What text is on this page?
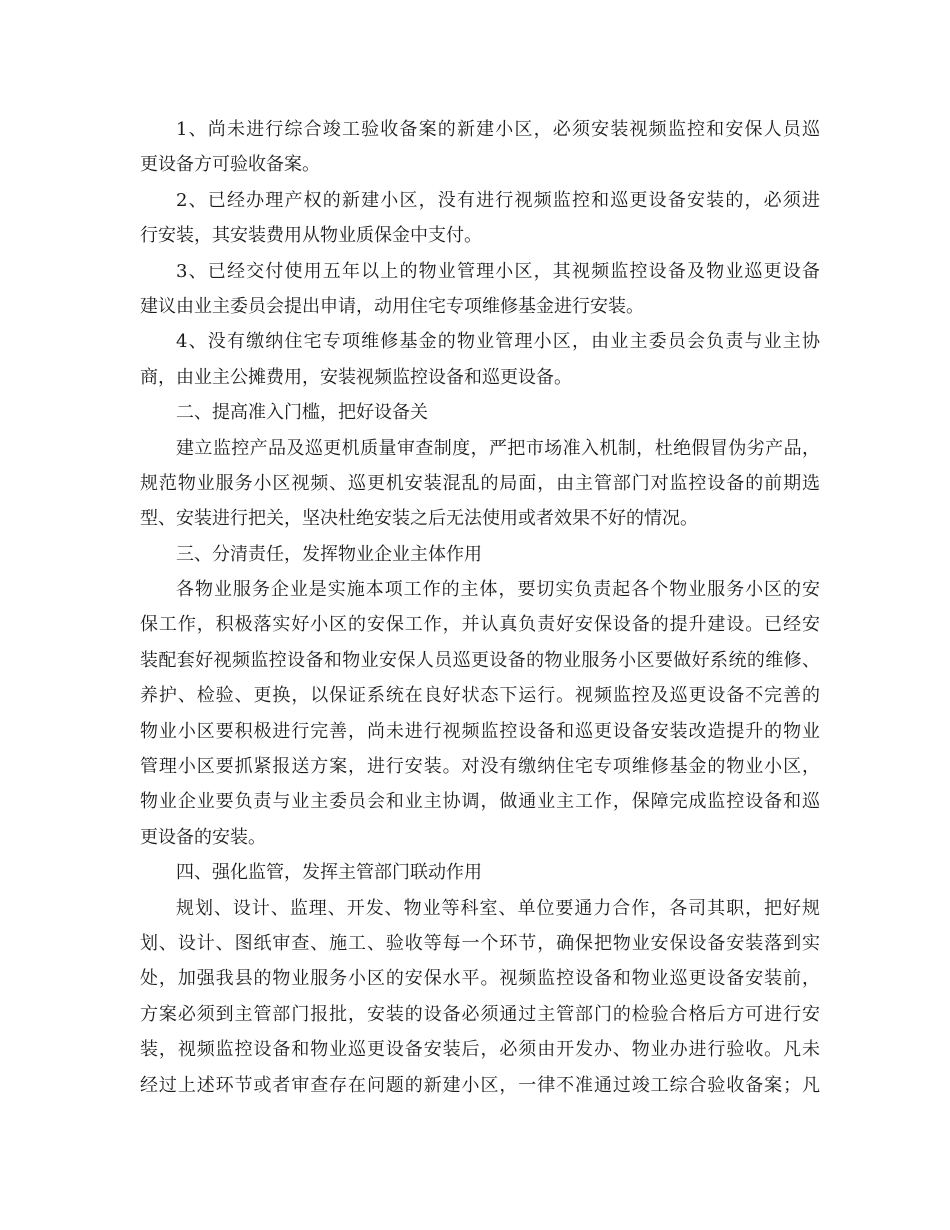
1、尚未进行综合竣工验收备案的新建小区，必须安装视频监控和安保人员巡
更设备方可验收备案。
2、已经办理产权的新建小区，没有进行视频监控和巡更设备安装的，必须进
行安装，其安装费用从物业质保金中支付。
3、已经交付使用五年以上的物业管理小区，其视频监控设备及物业巡更设备
建议由业主委员会提出申请，动用住宅专项维修基金进行安装。
4、没有缴纳住宅专项维修基金的物业管理小区，由业主委员会负责与业主协
商，由业主公摊费用，安装视频监控设备和巡更设备。
二、提高准入门槛，把好设备关
建立监控产品及巡更机质量审查制度，严把市场准入机制，杜绝假冒伪劣产品，
规范物业服务小区视频、巡更机安装混乱的局面，由主管部门对监控设备的前期选
型、安装进行把关，坚决杜绝安装之后无法使用或者效果不好的情况。
三、分清责任，发挥物业企业主体作用
各物业服务企业是实施本项工作的主体，要切实负责起各个物业服务小区的安
保工作，积极落实好小区的安保工作，并认真负责好安保设备的提升建设。已经安
装配套好视频监控设备和物业安保人员巡更设备的物业服务小区要做好系统的维修、
养护、检验、更换，以保证系统在良好状态下运行。视频监控及巡更设备不完善的
物业小区要积极进行完善，尚未进行视频监控设备和巡更设备安装改造提升的物业
管理小区要抓紧报送方案，进行安装。对没有缴纳住宅专项维修基金的物业小区，
物业企业要负责与业主委员会和业主协调，做通业主工作，保障完成监控设备和巡
更设备的安装。
四、强化监管，发挥主管部门联动作用
规划、设计、监理、开发、物业等科室、单位要通力合作，各司其职，把好规
划、设计、图纸审查、施工、验收等每一个环节，确保把物业安保设备安装落到实
处，加强我县的物业服务小区的安保水平。视频监控设备和物业巡更设备安装前，
方案必须到主管部门报批，安装的设备必须通过主管部门的检验合格后方可进行安
装，视频监控设备和物业巡更设备安装后，必须由开发办、物业办进行验收。凡未
经过上述环节或者审查存在问题的新建小区，一律不准通过竣工综合验收备案；凡
